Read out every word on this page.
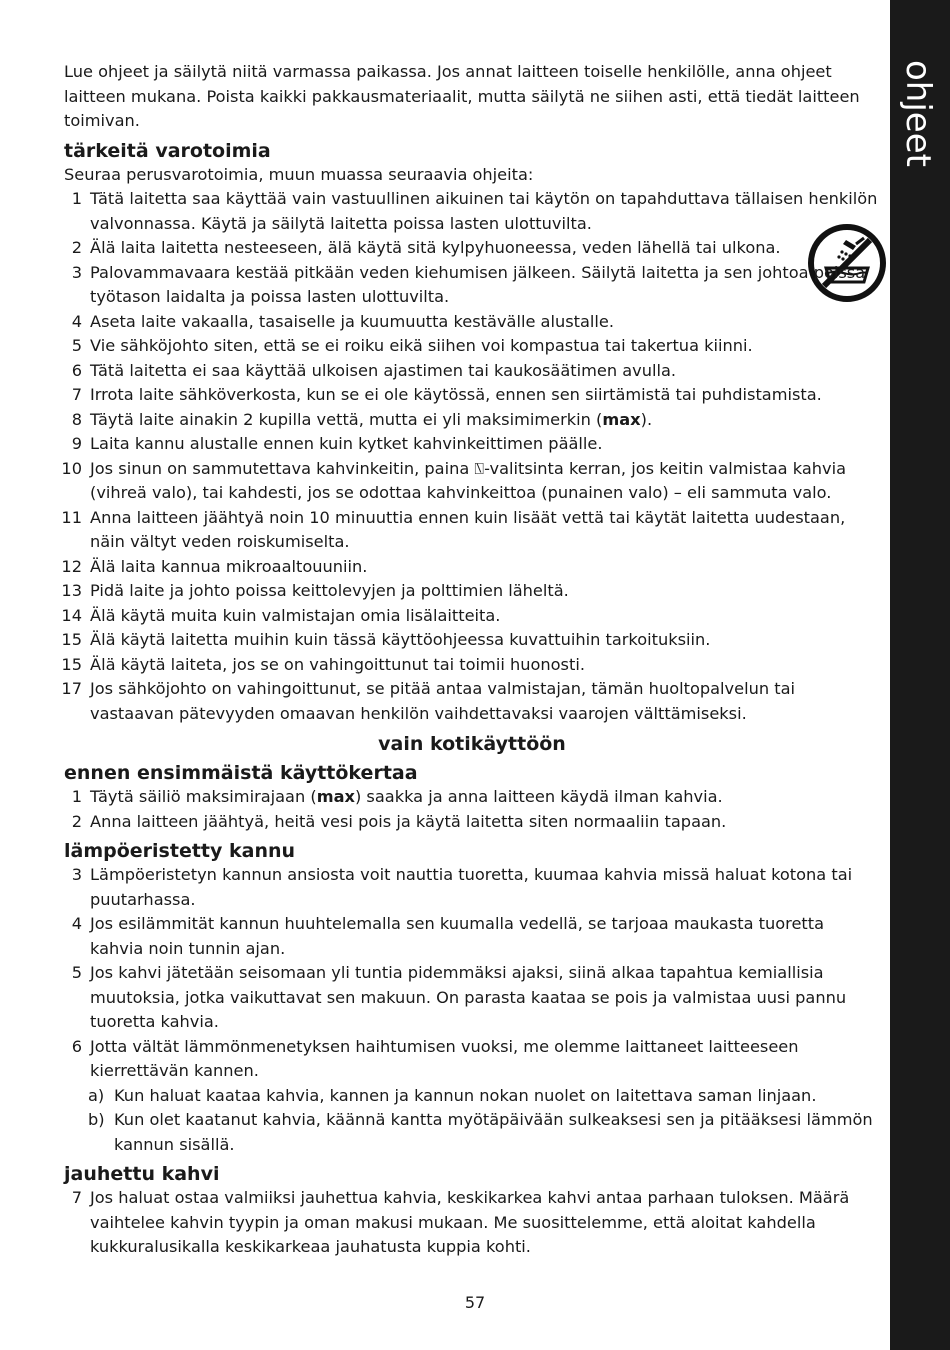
ohjeet

Lue ohjeet ja säilytä niitä varmassa paikassa. Jos annat laitteen toiselle henkilölle, anna ohjeet laitteen mukana. Poista kaikki pakkausmateriaalit, mutta säilytä ne siihen asti, että tiedät laitteen toimivan.

tärkeitä varotoimia

Seuraa perusvarotoimia, muun muassa seuraavia ohjeita:

1 Tätä laitetta saa käyttää vain vastuullinen aikuinen tai käytön on tapahduttava tällaisen henkilön valvonnassa. Käytä ja säilytä laitetta poissa lasten ulottuvilta.
2 Älä laita laitetta nesteeseen, älä käytä sitä kylpyhuoneessa, veden lähellä tai ulkona.
3 Palovammavaara kestää pitkään veden kiehumisen jälkeen. Säilytä laitetta ja sen johtoa poissa työtason laidalta ja poissa lasten ulottuvilta.
4 Aseta laite vakaalla, tasaiselle ja kuumuutta kestävälle alustalle.
5 Vie sähköjohto siten, että se ei roiku eikä siihen voi kompastua tai takertua kiinni.
6 Tätä laitetta ei saa käyttää ulkoisen ajastimen tai kaukosäätimen avulla.
7 Irrota laite sähköverkosta, kun se ei ole käytössä, ennen sen siirtämistä tai puhdistamista.
8 Täytä laite ainakin 2 kupilla vettä, mutta ei yli maksimimerkin (max).
9 Laita kannu alustalle ennen kuin kytket kahvinkeittimen päälle.
10 Jos sinun on sammutettava kahvinkeitin, paina ⍂-valitsinta kerran, jos keitin valmistaa kahvia (vihreä valo), tai kahdesti, jos se odottaa kahvinkeittoa (punainen valo) – eli sammuta valo.
11 Anna laitteen jäähtyä noin 10 minuuttia ennen kuin lisäät vettä tai käytät laitetta uudestaan, näin vältyt veden roiskumiselta.
12 Älä laita kannua mikroaaltouuniin.
13 Pidä laite ja johto poissa keittolevyjen ja polttimien läheltä.
14 Älä käytä muita kuin valmistajan omia lisälaitteita.
15 Älä käytä laitetta muihin kuin tässä käyttöohjeessa kuvattuihin tarkoituksiin.
15 Älä käytä laiteta, jos se on vahingoittunut tai toimii huonosti.
17 Jos sähköjohto on vahingoittunut, se pitää antaa valmistajan, tämän huoltopalvelun tai vastaavan pätevyyden omaavan henkilön vaihdettavaksi vaarojen välttämiseksi.
vain kotikäyttöön
ennen ensimmäistä käyttökertaa
1 Täytä säiliö maksimirajaan (max) saakka ja anna laitteen käydä ilman kahvia.
2 Anna laitteen jäähtyä, heitä vesi pois ja käytä laitetta siten normaaliin tapaan.
lämpöeristetty kannu
3 Lämpöeristetyn kannun ansiosta voit nauttia tuoretta, kuumaa kahvia missä haluat kotona tai puutarhassa.
4 Jos esilämmität kannun huuhtelemalla sen kuumalla vedellä, se tarjoaa maukasta tuoretta kahvia noin tunnin ajan.
5 Jos kahvi jätetään seisomaan yli tuntia pidemmäksi ajaksi, siinä alkaa tapahtua kemiallisia muutoksia, jotka vaikuttavat sen makuun. On parasta kaataa se pois ja valmistaa uusi pannu tuoretta kahvia.
6 Jotta vältät lämmönmenetyksen haihtumisen vuoksi, me olemme laittaneet laitteeseen kierrettävän kannen.
a) Kun haluat kaataa kahvia, kannen ja kannun nokan nuolet on laitettava saman linjaan.
b) Kun olet kaatanut kahvia, käännä kantta myötäpäivään sulkeaksesi sen ja pitääksesi lämmön kannun sisällä.
jauhettu kahvi
7 Jos haluat ostaa valmiiksi jauhettua kahvia, keskikarkea kahvi antaa parhaan tuloksen. Määrä vaihtelee kahvin tyypin ja oman makusi mukaan. Me suosittelemme, että aloitat kahdella kukkuralusikalla keskikarkeaa jauhatusta kuppia kohti.
57
